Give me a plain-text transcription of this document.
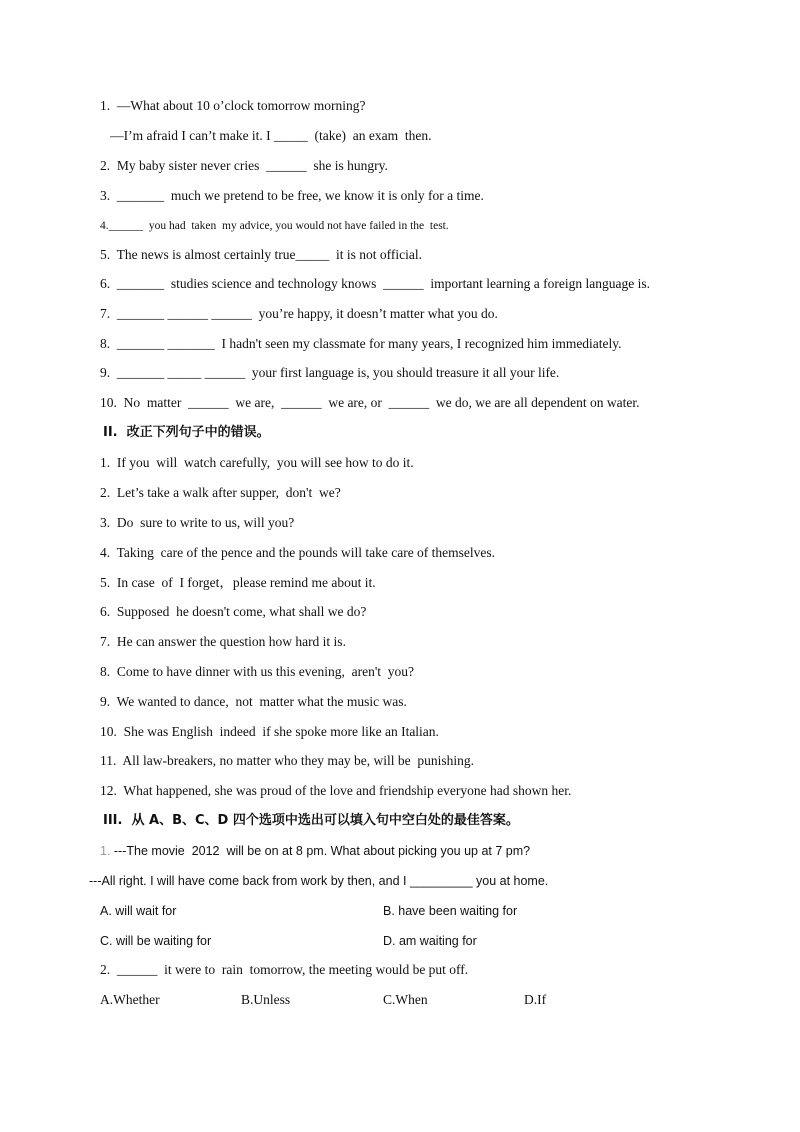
1.  —What about 10 o’clock tomorrow morning?
—I’m afraid I can’t make it. I _____  (take)  an exam  then.
2.  My baby sister never cries  ______  she is hungry.
3.  _______  much we pretend to be free, we know it is only for a time.
4.______  you had  taken  my advice, you would not have failed in the  test.
5.  The news is almost certainly true_____  it is not official.
6.  _______  studies science and technology knows  ______  important learning a foreign language is.
7.  _______ ______ ______  you’re happy, it doesn’t matter what you do.
8.  _______ _______  I hadn't seen my classmate for many years, I recognized him immediately.
9.  _______ _____ ______  your first language is, you should treasure it all your life.
10.  No  matter  ______  we are,  ______  we are, or  ______  we do, we are all dependent on water.
II.  改正下列句子中的错误。
1.  If you  will  watch carefully,  you will see how to do it.
2.  Let’s take a walk after supper,  don't  we?
3.  Do  sure to write to us, will you?
4.  Taking  care of the pence and the pounds will take care of themselves.
5.  In case  of  I forget，please remind me about it.
6.  Supposed  he doesn't come, what shall we do?
7.  He can answer the question how hard it is.
8.  Come to have dinner with us this evening,  aren't  you?
9.  We wanted to dance,  not  matter what the music was.
10.  She was English  indeed  if she spoke more like an Italian.
11.  All law-breakers, no matter who they may be, will be  punishing.
12.  What happened, she was proud of the love and friendship everyone had shown her.
III.  从 A、B、C、D 四个选项中选出可以填入句中空白处的最佳答案。
1. ---The movie  2012  will be on at 8 pm. What about picking you up at 7 pm?
---All right. I will have come back from work by then, and I _________ you at home.

A. will wait for

	B. have been waiting for

C. will be waiting for

	D. am waiting for

2.  ______  it were to  rain  tomorrow, the meeting would be put off.

A.Whether

	B.Unless

	C.When

	D.If
